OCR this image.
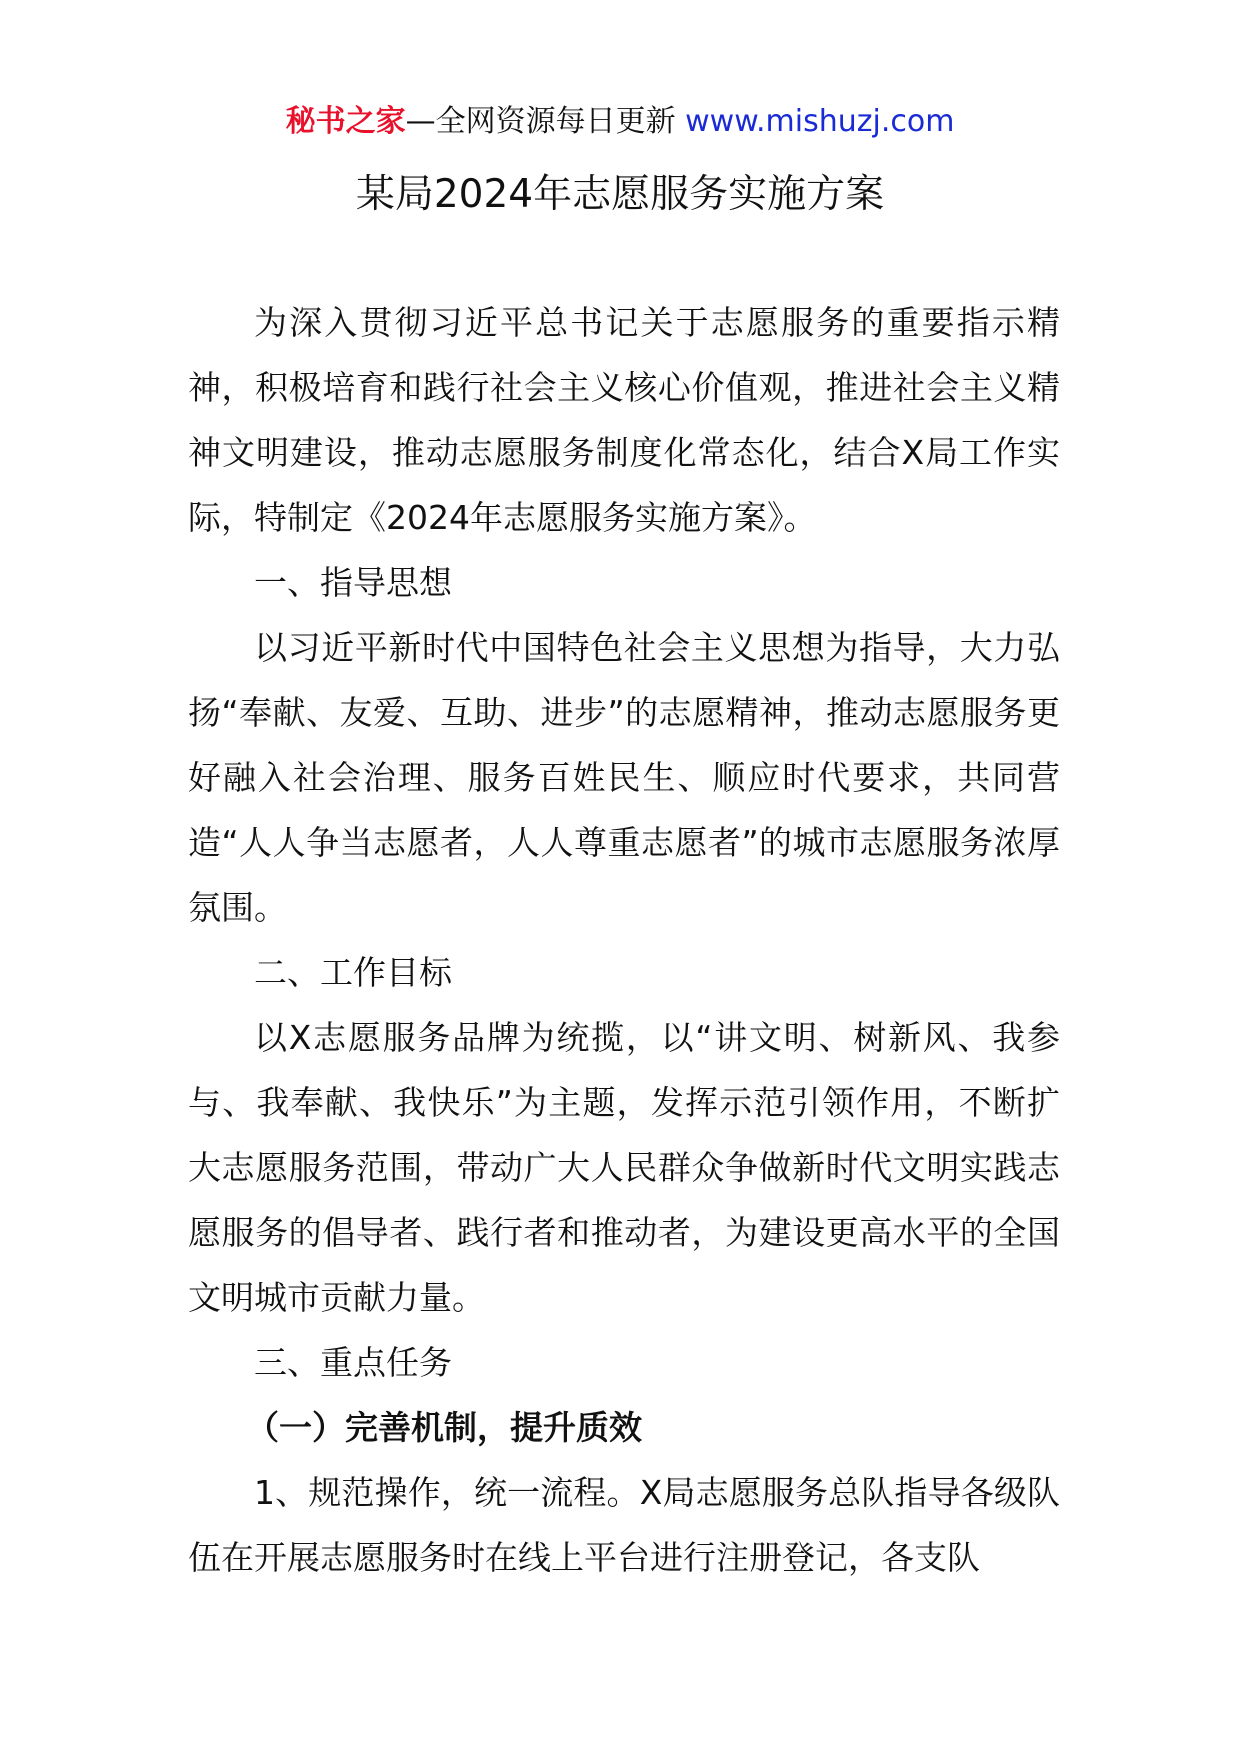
秘书之家—全网资源每日更新 www.mishuzj.com
某局2024年志愿服务实施方案

为深入贯彻习近平总书记关于志愿服务的重要指示精神，积极培育和践行社会主义核心价值观，推进社会主义精神文明建设，推动志愿服务制度化常态化，结合X局工作实际，特制定《2024年志愿服务实施方案》。

一、指导思想

以习近平新时代中国特色社会主义思想为指导，大力弘扬“奉献、友爱、互助、进步”的志愿精神，推动志愿服务更好融入社会治理、服务百姓民生、顺应时代要求，共同营造“人人争当志愿者，人人尊重志愿者”的城市志愿服务浓厚氛围。

二、工作目标

以X志愿服务品牌为统揽，以“讲文明、树新风、我参与、我奉献、我快乐”为主题，发挥示范引领作用，不断扩大志愿服务范围，带动广大人民群众争做新时代文明实践志愿服务的倡导者、践行者和推动者，为建设更高水平的全国文明城市贡献力量。

三、重点任务

（一）完善机制，提升质效

1、规范操作，统一流程。X局志愿服务总队指导各级队伍在开展志愿服务时在线上平台进行注册登记，各支队
